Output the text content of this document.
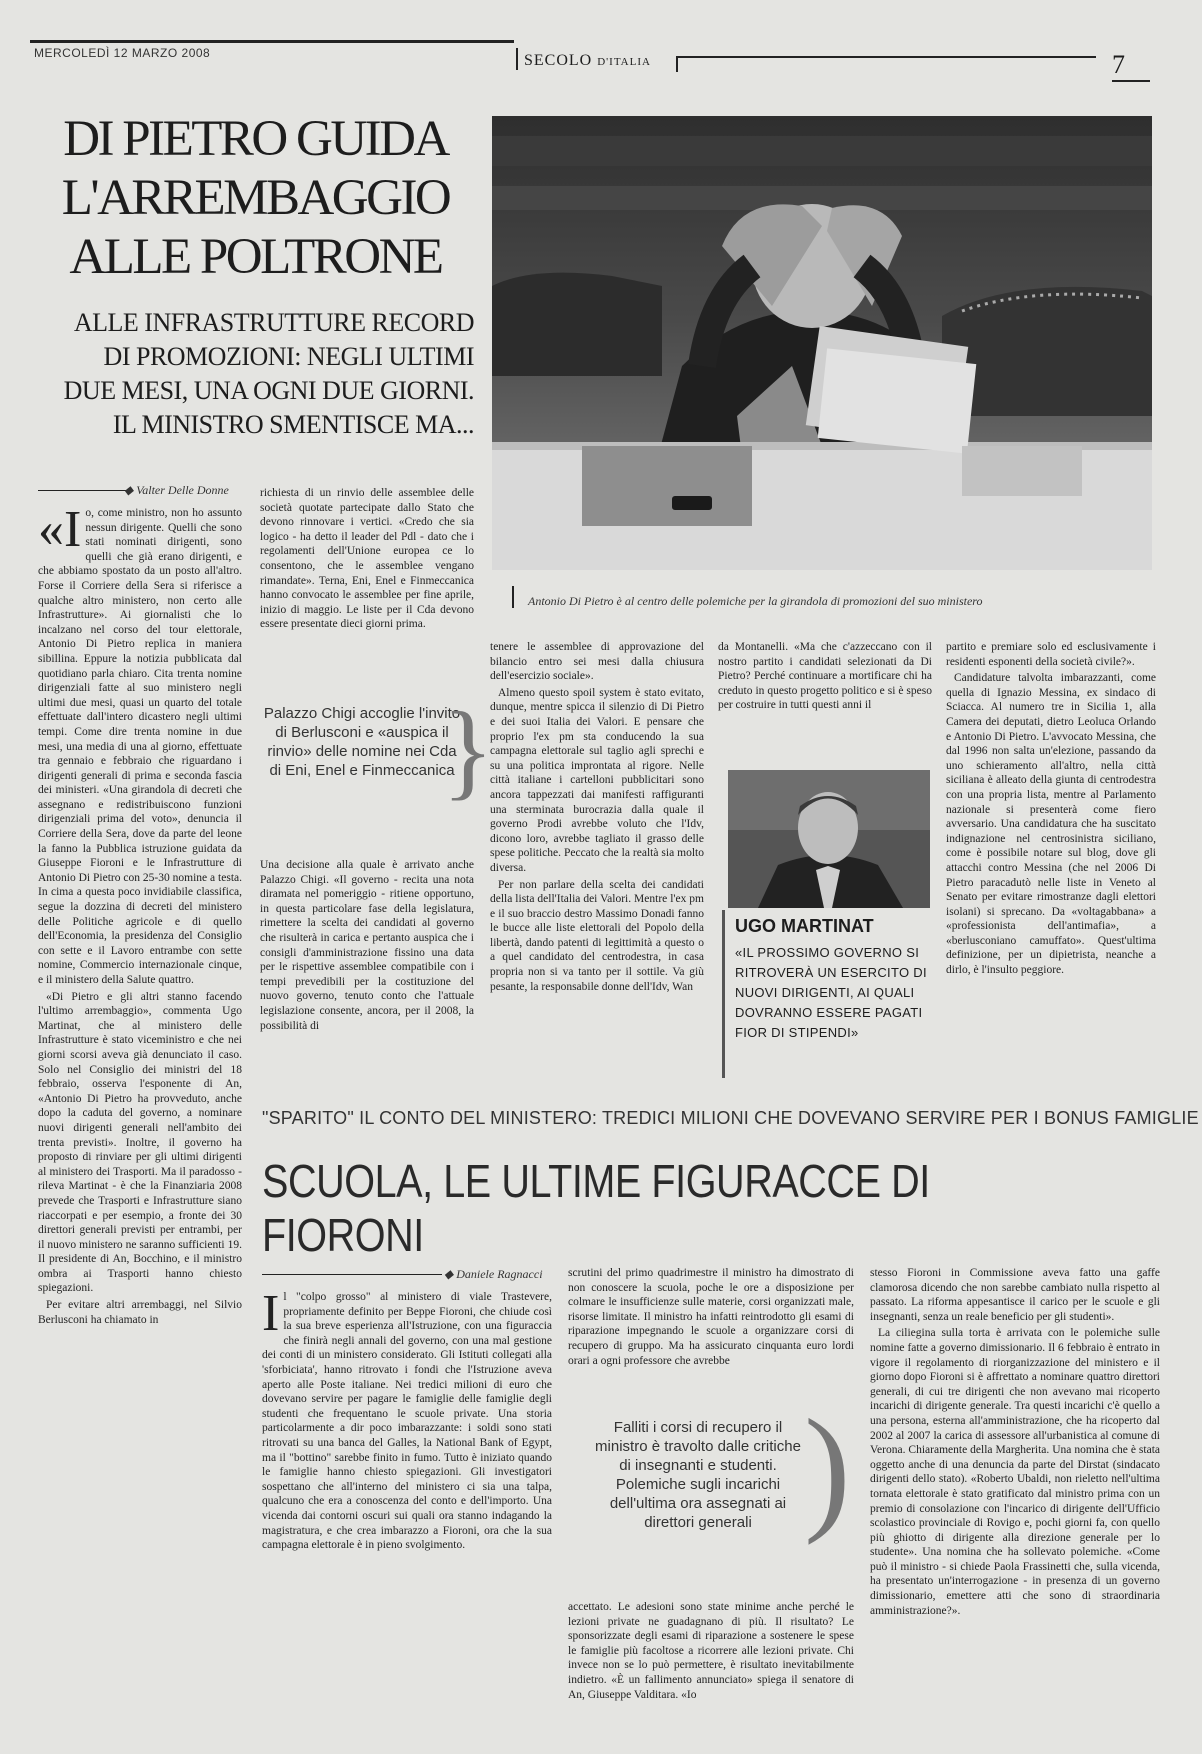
MERCOLEDÌ 12 MARZO 2008	SECOLO D'ITALIA	7
DI PIETRO GUIDA
L'ARREMBAGGIO
ALLE POLTRONE
ALLE INFRASTRUTTURE RECORD
DI PROMOZIONI: NEGLI ULTIMI
DUE MESI, UNA OGNI DUE GIORNI.
IL MINISTRO SMENTISCE MA...
Antonio Di Pietro è al centro delle polemiche per la girandola di promozioni del suo ministero
◆ Valter Delle Donne

«Io, come ministro, non ho assunto nessun dirigente. Quelli che sono stati nominati dirigenti, sono quelli che già erano dirigenti, e che abbiamo spostato da un posto all'altro. Forse il Corriere della Sera si riferisce a qualche altro ministero, non certo alle Infrastrutture». Ai giornalisti che lo incalzano nel corso del tour elettorale, Antonio Di Pietro replica in maniera sibillina. Eppure la notizia pubblicata dal quotidiano parla chiaro. Cita trenta nomine dirigenziali fatte al suo ministero negli ultimi due mesi, quasi un quarto del totale effettuate dall'intero dicastero negli ultimi tempi. Come dire trenta nomine in due mesi, una media di una al giorno, effettuate tra gennaio e febbraio che riguardano i dirigenti generali di prima e seconda fascia dei ministeri. «Una girandola di decreti che assegnano e redistribuiscono funzioni dirigenziali prima del voto», denuncia il Corriere della Sera, dove da parte del leone la fanno la Pubblica istruzione guidata da Giuseppe Fioroni e le Infrastrutture di Antonio Di Pietro con 25-30 nomine a testa. In cima a questa poco invidiabile classifica, segue la dozzina di decreti del ministero delle Politiche agricole e di quello dell'Economia, la presidenza del Consiglio con sette e il Lavoro entrambe con sette nomine, Commercio internazionale cinque, e il ministero della Salute quattro.

«Di Pietro e gli altri stanno facendo l'ultimo arrembaggio», commenta Ugo Martinat, che al ministero delle Infrastrutture è stato viceministro e che nei giorni scorsi aveva già denunciato il caso. Solo nel Consiglio dei ministri del 18 febbraio, osserva l'esponente di An, «Antonio Di Pietro ha provveduto, anche dopo la caduta del governo, a nominare nuovi dirigenti generali nell'ambito dei trenta previsti». Inoltre, il governo ha proposto di rinviare per gli ultimi dirigenti al ministero dei Trasporti. Ma il paradosso - rileva Martinat - è che la Finanziaria 2008 prevede che Trasporti e Infrastrutture siano riaccorpati e per esempio, a fronte dei 30 direttori generali previsti per entrambi, per il nuovo ministero ne saranno sufficienti 19. Il presidente di An, Bocchino, e il ministro ombra ai Trasporti hanno chiesto spiegazioni.

Per evitare altri arrembaggi, nel Silvio Berlusconi ha chiamato in

richiesta di un rinvio delle assemblee delle società quotate partecipate dallo Stato che devono rinnovare i vertici. «Credo che sia logico - ha detto il leader del Pdl - dato che i regolamenti dell'Unione europea ce lo consentono, che le assemblee vengano rimandate». Terna, Eni, Enel e Finmeccanica hanno convocato le assemblee per fine aprile, inizio di maggio. Le liste per il Cda devono essere presentate dieci giorni prima.

Palazzo Chigi accoglie l'invito di Berlusconi e «auspica il rinvio» delle nomine nei Cda di Eni, Enel e Finmeccanica
}

Una decisione alla quale è arrivato anche Palazzo Chigi. «Il governo - recita una nota diramata nel pomeriggio - ritiene opportuno, in questa particolare fase della legislatura, rimettere la scelta dei candidati al governo che risulterà in carica e pertanto auspica che i consigli d'amministrazione fissino una data per le rispettive assemblee compatibile con i tempi prevedibili per la costituzione del nuovo governo, tenuto conto che l'attuale legislazione consente, ancora, per il 2008, la possibilità di

tenere le assemblee di approvazione del bilancio entro sei mesi dalla chiusura dell'esercizio sociale».

Almeno questo spoil system è stato evitato, dunque, mentre spicca il silenzio di Di Pietro e dei suoi Italia dei Valori. E pensare che proprio l'ex pm sta conducendo la sua campagna elettorale sul taglio agli sprechi e su una politica improntata al rigore. Nelle città italiane i cartelloni pubblicitari sono ancora tappezzati dai manifesti raffiguranti una sterminata burocrazia dalla quale il governo Prodi avrebbe voluto che l'Idv, dicono loro, avrebbe tagliato il grasso delle spese politiche. Peccato che la realtà sia molto diversa.

Per non parlare della scelta dei candidati della lista dell'Italia dei Valori. Mentre l'ex pm e il suo braccio destro Massimo Donadi fanno le bucce alle liste elettorali del Popolo della libertà, dando patenti di legittimità a questo o a quel candidato del centrodestra, in casa propria non si va tanto per il sottile. Va giù pesante, la responsabile donne dell'Idv, Wan

da Montanelli. «Ma che c'azzeccano con il nostro partito i candidati selezionati da Di Pietro? Perché continuare a mortificare chi ha creduto in questo progetto politico e si è speso per costruire in tutti questi anni il

UGO MARTINAT
«IL PROSSIMO GOVERNO SI RITROVERÀ UN ESERCITO DI NUOVI DIRIGENTI, AI QUALI DOVRANNO ESSERE PAGATI FIOR DI STIPENDI»

partito e premiare solo ed esclusivamente i residenti esponenti della società civile?».

Candidature talvolta imbarazzanti, come quella di Ignazio Messina, ex sindaco di Sciacca. Al numero tre in Sicilia 1, alla Camera dei deputati, dietro Leoluca Orlando e Antonio Di Pietro. L'avvocato Messina, che dal 1996 non salta un'elezione, passando da uno schieramento all'altro, nella città siciliana è alleato della giunta di centrodestra con una propria lista, mentre al Parlamento nazionale si presenterà come fiero avversario. Una candidatura che ha suscitato indignazione nel centrosinistra siciliano, come è possibile notare sul blog, dove gli attacchi contro Messina (che nel 2006 Di Pietro paracadutò nelle liste in Veneto al Senato per evitare rimostranze dagli elettori isolani) si sprecano. Da «voltagabbana» a «professionista dell'antimafia», a «berlusconiano camuffato». Quest'ultima definizione, per un dipietrista, neanche a dirlo, è l'insulto peggiore.

"SPARITO" IL CONTO DEL MINISTERO: TREDICI MILIONI CHE DOVEVANO SERVIRE PER I BONUS FAMIGLIE
SCUOLA, LE ULTIME FIGURACCE DI FIORONI
◆ Daniele Ragnacci

Il "colpo grosso" al ministero di viale Trastevere, propriamente definito per Beppe Fioroni, che chiude così la sua breve esperienza all'Istruzione, con una figuraccia che finirà negli annali del governo, con una mal gestione dei conti di un ministero considerato. Gli Istituti collegati alla 'sforbiciata', hanno ritrovato i fondi che l'Istruzione aveva aperto alle Poste italiane. Nei tredici milioni di euro che dovevano servire per pagare le famiglie delle famiglie degli studenti che frequentano le scuole private. Una storia particolarmente a dir poco imbarazzante: i soldi sono stati ritrovati su una banca del Galles, la National Bank of Egypt, ma il "bottino" sarebbe finito in fumo. Tutto è iniziato quando le famiglie hanno chiesto spiegazioni. Gli investigatori sospettano che all'interno del ministero ci sia una talpa, qualcuno che era a conoscenza del conto e dell'importo. Una vicenda dai contorni oscuri sui quali ora stanno indagando la magistratura, e che crea imbarazzo a Fioroni, ora che la sua campagna elettorale è in pieno svolgimento.

scrutini del primo quadrimestre il ministro ha dimostrato di non conoscere la scuola, poche le ore a disposizione per colmare le insufficienze sulle materie, corsi organizzati male, risorse limitate. Il ministro ha infatti reintrodotto gli esami di riparazione impegnando le scuole a organizzare corsi di recupero di gruppo. Ma ha assicurato cinquanta euro lordi orari a ogni professore che avrebbe

Falliti i corsi di recupero il ministro è travolto dalle critiche di insegnanti e studenti. Polemiche sugli incarichi dell'ultima ora assegnati ai direttori generali )

accettato. Le adesioni sono state minime anche perché le lezioni private ne guadagnano di più. Il risultato? Le sponsorizzate degli esami di riparazione a sostenere le spese le famiglie più facoltose a ricorrere alle lezioni private. Chi invece non se lo può permettere, è risultato inevitabilmente indietro. «È un fallimento annunciato» spiega il senatore di An, Giuseppe Valditara. «Io

stesso Fioroni in Commissione aveva fatto una gaffe clamorosa dicendo che non sarebbe cambiato nulla rispetto al passato. La riforma appesantisce il carico per le scuole e gli insegnanti, senza un reale beneficio per gli studenti».

La ciliegina sulla torta è arrivata con le polemiche sulle nomine fatte a governo dimissionario. Il 6 febbraio è entrato in vigore il regolamento di riorganizzazione del ministero e il giorno dopo Fioroni si è affrettato a nominare quattro direttori generali, di cui tre dirigenti che non avevano mai ricoperto incarichi di dirigente generale. Tra questi incarichi c'è quello a una persona, esterna all'amministrazione, che ha ricoperto dal 2002 al 2007 la carica di assessore all'urbanistica al comune di Verona. Chiaramente della Margherita. Una nomina che è stata oggetto anche di una denuncia da parte del Dirstat (sindacato dirigenti dello stato). «Roberto Ubaldi, non rieletto nell'ultima tornata elettorale è stato gratificato dal ministro prima con un premio di consolazione con l'incarico di dirigente dell'Ufficio scolastico provinciale di Rovigo e, pochi giorni fa, con quello più ghiotto di dirigente alla direzione generale per lo studente». Una nomina che ha sollevato polemiche. «Come può il ministro - si chiede Paola Frassinetti che, sulla vicenda, ha presentato un'interrogazione - in presenza di un governo dimissionario, emettere atti che sono di straordinaria amministrazione?».
